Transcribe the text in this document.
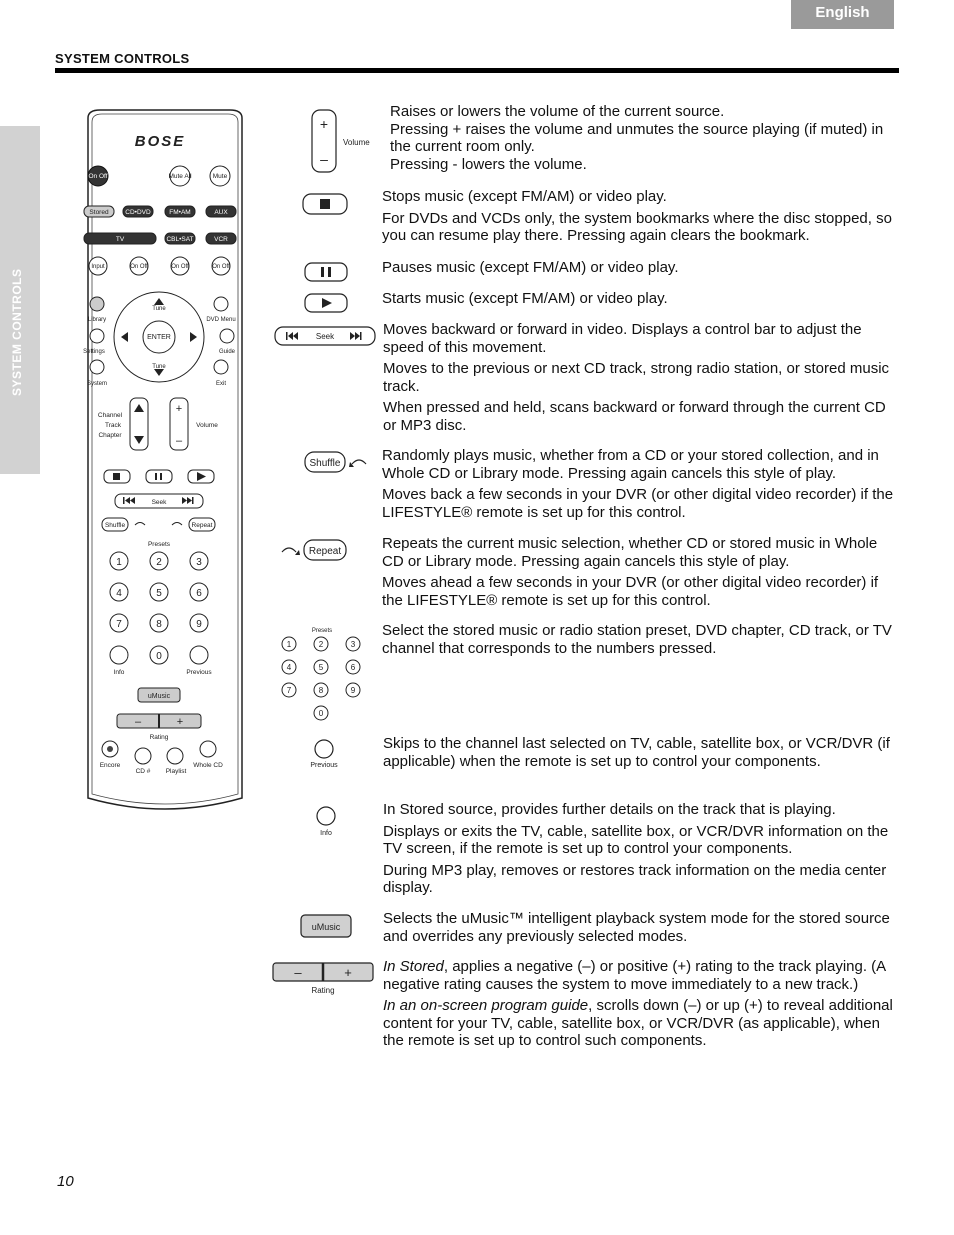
English
SYSTEM CONTROLS
SYSTEM CONTROLS
BOSE
On Off	Mute All	Mute
Stored	CD•DVD	FM•AM	AUX
TV	CBL•SAT	VCR
Input	On Off	On Off	On Off
Library	DVD Menu
Tune
Tune
ENTER
Settings	Guide
System	Exit
+
–
Channel
Track
Chapter
Volume
Seek
Shuffle	Repeat
Presets
1	2	3
4	5	6
7	8	9
0
Info	Previous
uMusic
–	+
Rating
Encore
CD # Playlist
Whole CD
+
–
Volume

Raises or lowers the volume of the current source.

Pressing + raises the volume and unmutes the source playing (if muted) in the current room only.

Pressing - lowers the volume.

Stops music (except FM/AM) or video play.

For DVDs and VCDs only, the system bookmarks where the disc stopped, so you can resume play there. Pressing again clears the bookmark.

Pauses music (except FM/AM) or video play.

Starts music (except FM/AM) or video play.

Seek	Moves backward or forward in video. Displays a control bar to adjust the speed of this movement.

Moves to the previous or next CD track, strong radio station, or stored music track.

When pressed and held, scans backward or forward through the current CD or MP3 disc.

Shuffle	Randomly plays music, whether from a CD or your stored collection, and in Whole CD or Library mode. Pressing again cancels this style of play.

Moves back a few seconds in your DVR (or other digital video recorder) if the LIFESTYLE® remote is set up for this control.

Repeat	Repeats the current music selection, whether CD or stored music in Whole CD or Library mode. Pressing again cancels this style of play.

Moves ahead a few seconds in your DVR (or other digital video recorder) if the LIFESTYLE® remote is set up for this control.

Presets
1	2	3
4	5	6
7	8	9
0

Select the stored music or radio station preset, DVD chapter, CD track, or TV channel that corresponds to the numbers pressed.

Previous

Skips to the channel last selected on TV, cable, satellite box, or VCR/DVR (if applicable) when the remote is set up to control your components.

Info

In Stored source, provides further details on the track that is playing.

Displays or exits the TV, cable, satellite box, or VCR/DVR information on the TV screen, if the remote is set up to control your components.

During MP3 play, removes or restores track information on the media center display.

uMusic	Selects the uMusic™ intelligent playback system mode for the stored source and overrides any previously selected modes.

–	+
Rating

In Stored, applies a negative (–) or positive (+) rating to the track playing. (A negative rating causes the system to move immediately to a new track.)

In an on-screen program guide, scrolls down (–) or up (+) to reveal additional content for your TV, cable, satellite box, or VCR/DVR (as applicable), when the remote is set up to control such components.

10
